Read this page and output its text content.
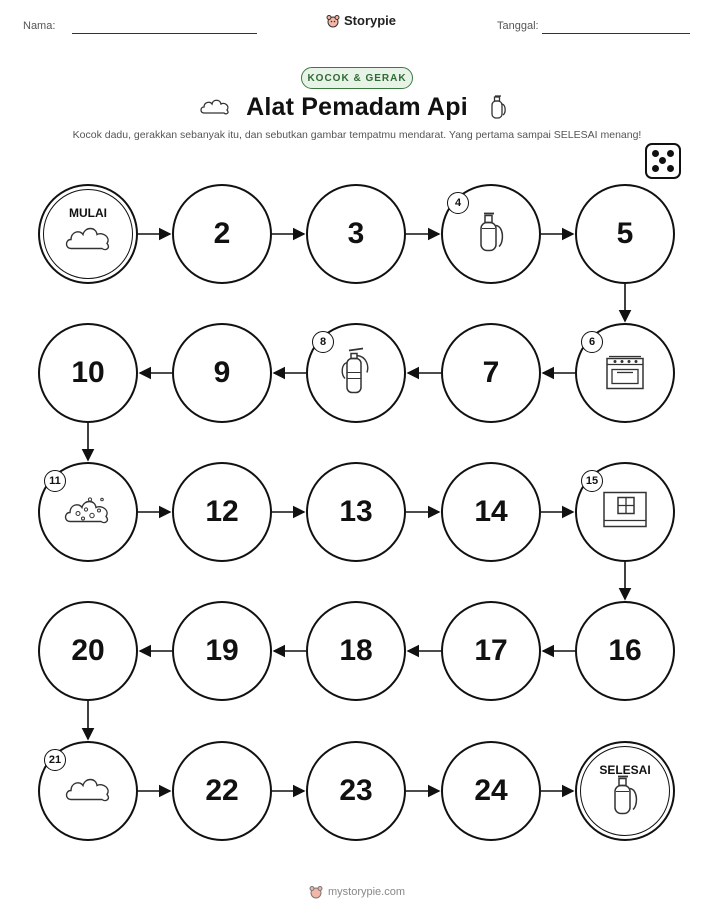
Nama:	Storypie	Tanggal:
KOCOK & GERAK
Alat Pemadam Api
Kocok dadu, gerakkan sebanyak itu, dan sebutkan gambar tempatmu mendarat. Yang pertama sampai SELESAI menang!
MULAI
2	3
4
5
6
7
8
9
10
11
12	13	14
15
16
17
18
19
20
21
22	23	24
SELESAI
mystorypie.com
